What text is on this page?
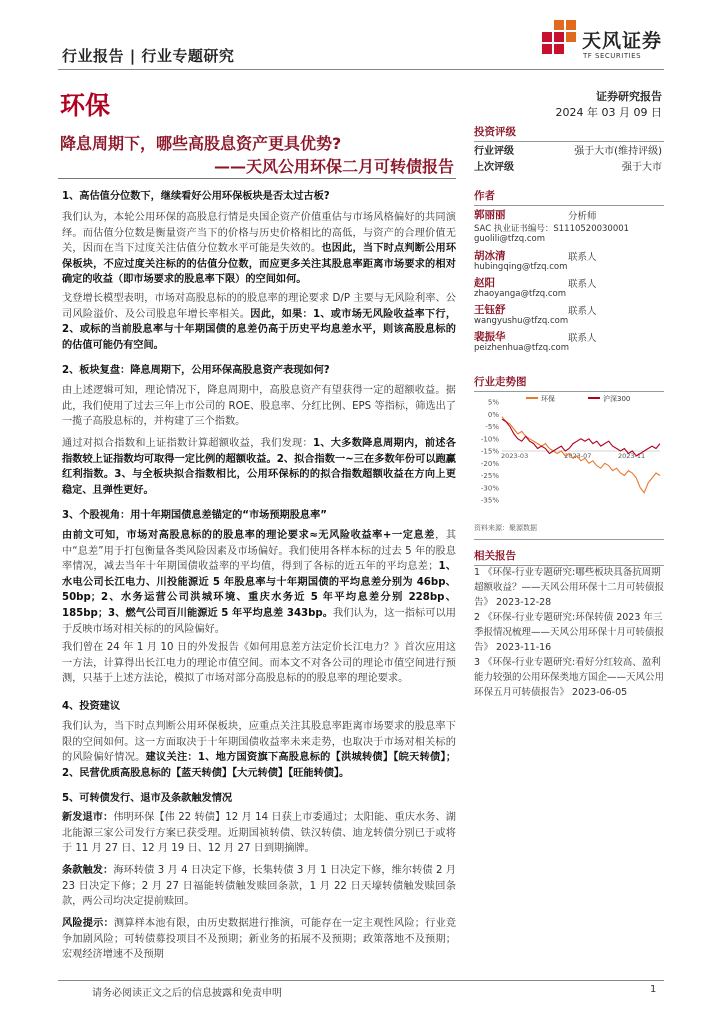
行业报告 | 行业专题研究
天风证券
TF SECURITIES
环保	证券研究报告
2024 年 03 月 09 日
降息周期下，哪些高股息资产更具优势?
——天风公用环保二月可转债报告
1、高估值分位数下，继续看好公用环保板块是否太过古板?
我们认为，本轮公用环保的高股息行情是央国企资产价值重估与市场风格偏好的共同演绎。而估值分位数是衡量资产当下的价格与历史价格相比的高低，与资产的合理价值无关，因而在当下过度关注估值分位数水平可能是失效的。也因此，当下时点判断公用环保板块，不应过度关注标的的估值分位数，而应更多关注其股息率距离市场要求的相对确定的收益（即市场要求的股息率下限）的空间如何。
戈登增长模型表明，市场对高股息标的的股息率的理论要求 D/P 主要与无风险利率、公司风险溢价、及公司股息年增长率相关。因此，如果：1、或市场无风险收益率下行，2、或标的当前股息率与十年期国债的息差仍高于历史平均息差水平，则该高股息标的的估值可能仍有空间。
2、板块复盘：降息周期下，公用环保高股息资产表现如何?
由上述逻辑可知，理论情况下，降息周期中，高股息资产有望获得一定的超额收益。据此，我们使用了过去三年上市公司的 ROE、股息率、分红比例、EPS 等指标，筛选出了一揽子高股息标的，并构建了三个指数。
通过对拟合指数和上证指数计算超额收益，我们发现：1、大多数降息周期内，前述各指数较上证指数均可取得一定比例的超额收益。2、拟合指数一~三在多数年份可以跑赢红利指数。3、与全板块拟合指数相比，公用环保标的的拟合指数超额收益在方向上更稳定、且弹性更好。
3、个股视角：用十年期国债息差锚定的“市场预期股息率”
由前文可知，市场对高股息标的的股息率的理论要求≈无风险收益率+一定息差，其中“息差”用于打包衡量各类风险因素及市场偏好。我们使用各样本标的过去 5 年的股息率情况，减去当年十年期国债收益率的平均值，得到了各标的近五年的平均息差；1、水电公司长江电力、川投能源近 5 年股息率与十年期国债的平均息差分别为 46bp、50bp；2、水务运营公司洪城环境、重庆水务近 5 年平均息差分别 228bp、185bp；3、燃气公司百川能源近 5 年平均息差 343bp。我们认为，这一指标可以用于反映市场对相关标的的风险偏好。
我们曾在 24 年 1 月 10 日的外发报告《如何用息差方法定价长江电力？》首次应用这一方法，计算得出长江电力的理论市值空间。而本文不对各公司的理论市值空间进行预测，只基于上述方法论，模拟了市场对部分高股息标的的股息率的理论要求。
4、投资建议
我们认为，当下时点判断公用环保板块，应重点关注其股息率距离市场要求的股息率下限的空间如何。这一方面取决于十年期国债收益率未来走势，也取决于市场对相关标的的风险偏好情况。建议关注：1、地方国资旗下高股息标的【洪城转债】【皖天转债】；2、民营优质高股息标的【蓝天转债】【大元转债】【旺能转债】。
5、可转债发行、退市及条款触发情况
新发退市：伟明环保【伟 22 转债】12 月 14 日获上市委通过；太阳能、重庆水务、湖北能源三家公司发行方案已获受理。近期国祯转债、铁汉转债、迪龙转债分别已于或将于 11 月 27 日、12 月 19 日、12 月 27 日到期摘牌。
条款触发：海环转债 3 月 4 日决定下修，长集转债 3 月 1 日决定下修，维尔转债 2 月 23 日决定下修；2 月 27 日福能转债触发赎回条款，1 月 22 日天壕转债触发赎回条款，两公司均决定提前赎回。
风险提示：测算样本池有限，由历史数据进行推演，可能存在一定主观性风险；行业竞争加剧风险；可转债募投项目不及预期；新业务的拓展不及预期；政策落地不及预期；宏观经济增速不及预期
投资评级
行业评级	强于大市(维持评级)
上次评级	强于大市
作者
郭丽丽	分析师
SAC 执业证书编号：S1110520030001
guolili@tfzq.com
胡冰清	联系人
hubingqing@tfzq.com
赵阳	联系人
zhaoyanga@tfzq.com
王钰舒	联系人
wangyushu@tfzq.com
裴振华	联系人
peizhenhua@tfzq.com
行业走势图
5%
0%
-5%
-10%
-15%
-20%
-25%
-30%
-35%
2023-03	2023-07	2023-11
环保	沪深300
资料来源：聚源数据
相关报告
1 《环保-行业专题研究:哪些板块具备抗周期超额收益？——天风公用环保十二月可转债报告》 2023-12-28
2 《环保-行业专题研究:环保转债 2023 年三季报情况梳理——天风公用环保十月可转债报告》 2023-11-16
3 《环保-行业专题研究:看好分红较高、盈利能力较强的公用环保类地方国企——天风公用环保五月可转债报告》 2023-06-05
请务必阅读正文之后的信息披露和免责申明	1
